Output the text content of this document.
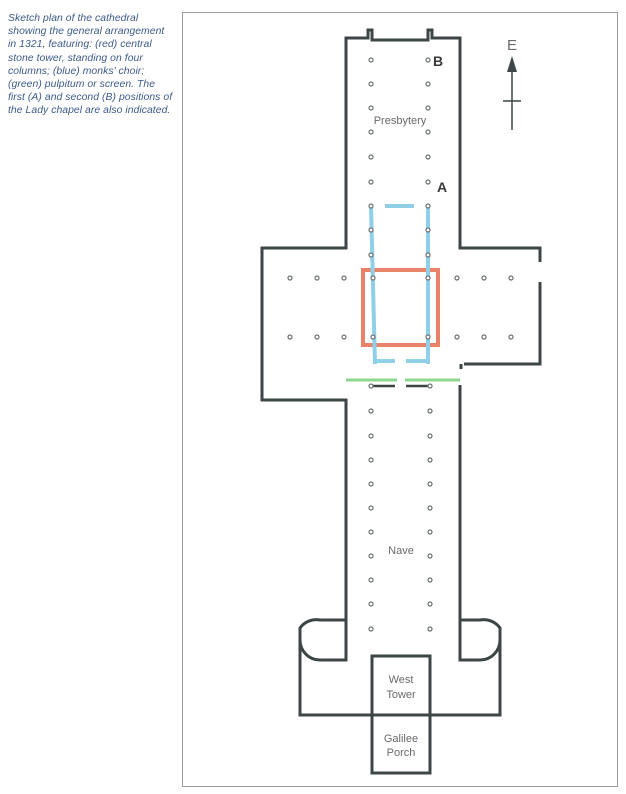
Sketch plan of the cathedral showing the general arrangement in 1321, featuring: (red) central stone tower, standing on four columns; (blue) monks' choir; (green) pulpitum or screen. The first (A) and second (B) positions of the Lady chapel are also indicated.

E
B
A
Presbytery
Nave
West
Tower
Galilee
Porch
